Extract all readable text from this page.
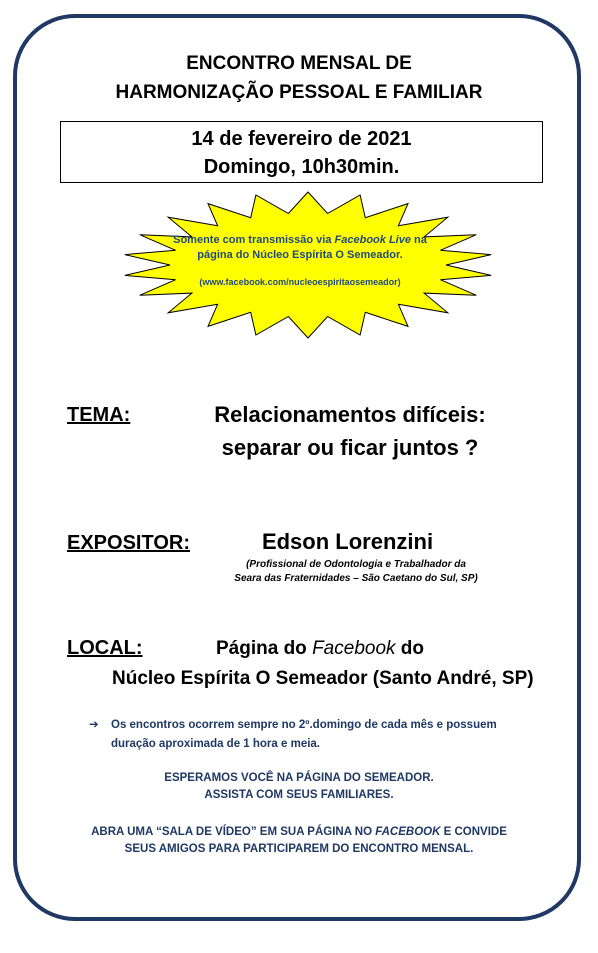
ENCONTRO MENSAL DE
HARMONIZAÇÃO PESSOAL E FAMILIAR
14 de fevereiro de 2021
Domingo, 10h30min.
Somente com transmissão via Facebook Live na página do Núcleo Espírita O Semeador.
(www.facebook.com/nucleoespiritaosemeador)
TEMA:	Relacionamentos difíceis:
separar ou ficar juntos ?
EXPOSITOR:	Edson Lorenzini
(Profissional de Odontologia e Trabalhador da
Seara das Fraternidades – São Caetano do Sul, SP)
LOCAL:	Página do Facebook do
Núcleo Espírita O Semeador (Santo André, SP)
➔ Os encontros ocorrem sempre no 2º.domingo de cada mês e possuem
duração aproximada de 1 hora e meia.
ESPERAMOS VOCÊ NA PÁGINA DO SEMEADOR.
ASSISTA COM SEUS FAMILIARES.
ABRA UMA “SALA DE VÍDEO” EM SUA PÁGINA NO FACEBOOK E CONVIDE
SEUS AMIGOS PARA PARTICIPAREM DO ENCONTRO MENSAL.
